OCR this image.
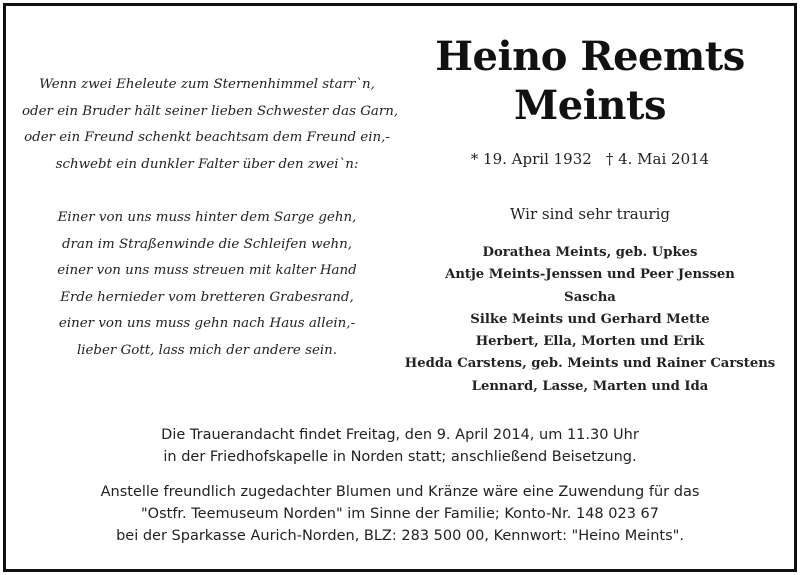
Wenn zwei Eheleute zum Sternenhimmel starr`n,
oder ein Bruder hält seiner lieben Schwester das Garn,
oder ein Freund schenkt beachtsam dem Freund ein,-
schwebt ein dunkler Falter über den zwei`n:

Einer von uns muss hinter dem Sarge gehn,
dran im Straßenwinde die Schleifen wehn,
einer von uns muss streuen mit kalter Hand
Erde hernieder vom bretteren Grabesrand,
einer von uns muss gehn nach Haus allein,-
lieber Gott, lass mich der andere sein.

Heino Reemts
Meints
* 19. April 1932 † 4. Mai 2014
Wir sind sehr traurig
Dorathea Meints, geb. Upkes
Antje Meints-Jenssen und Peer Jenssen
Sascha
Silke Meints und Gerhard Mette
Herbert, Ella, Morten und Erik
Hedda Carstens, geb. Meints und Rainer Carstens
Lennard, Lasse, Marten und Ida
Die Trauerandacht findet Freitag, den 9. April 2014, um 11.30 Uhr
in der Friedhofskapelle in Norden statt; anschließend Beisetzung.
Anstelle freundlich zugedachter Blumen und Kränze wäre eine Zuwendung für das
"Ostfr. Teemuseum Norden" im Sinne der Familie; Konto-Nr. 148 023 67
bei der Sparkasse Aurich-Norden, BLZ: 283 500 00, Kennwort: "Heino Meints".
